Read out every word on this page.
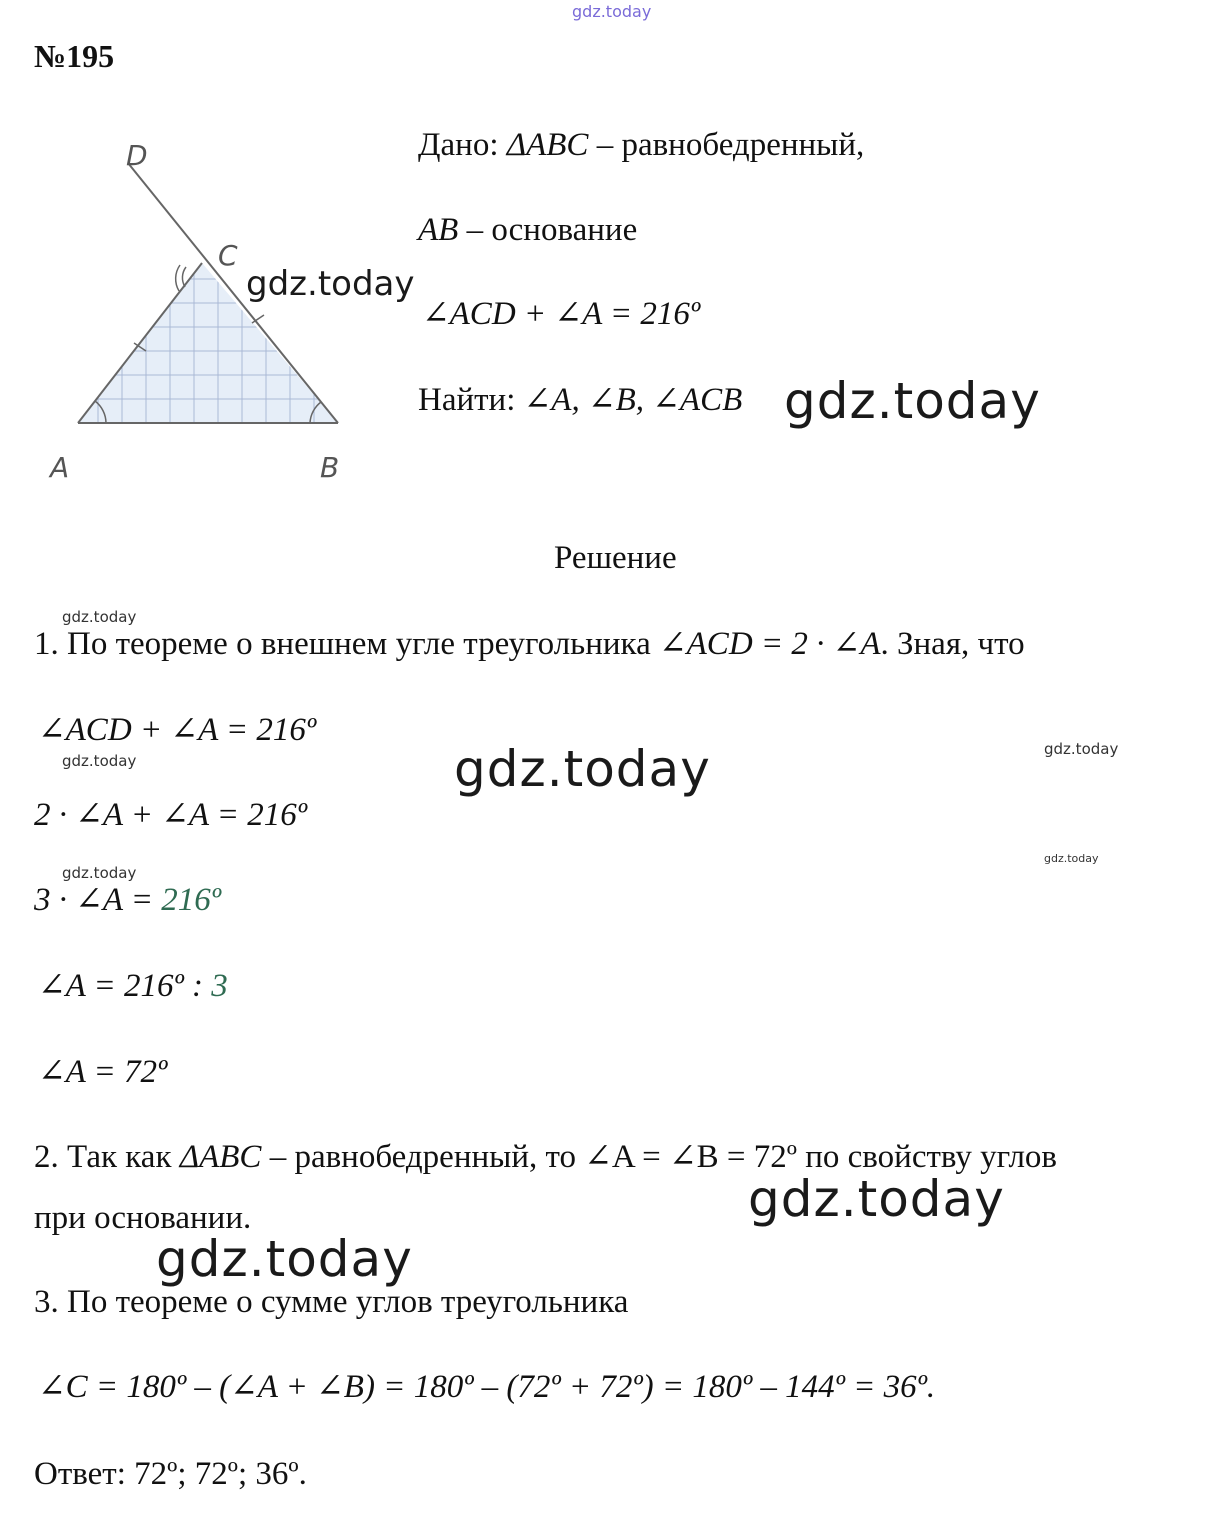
gdz.today
№195
A	B
C
D	Дано: ΔABC – равнобедренный,
AB – основание
∠ACD + ∠A = 216º
Найти: ∠A, ∠B, ∠ACB
gdz.today
gdz.today
gdz.today
gdz.today
gdz.today
gdz.today
gdz.today
gdz.today
gdz.today
gdz.today
Решение
1. По теореме о внешнем угле треугольника ∠ACD = 2 · ∠A. Зная, что
∠ACD + ∠A = 216º
2 · ∠A + ∠A = 216º
3 · ∠A = 216º
∠A = 216º : 3
∠A = 72º
2. Так как ΔABC – равнобедренный, то ∠A = ∠B = 72º по свойству углов
при основании.
3. По теореме о сумме углов треугольника
∠C = 180º – (∠A + ∠B) = 180º – (72º + 72º) = 180º – 144º = 36º.
Ответ: 72º; 72º; 36º.
